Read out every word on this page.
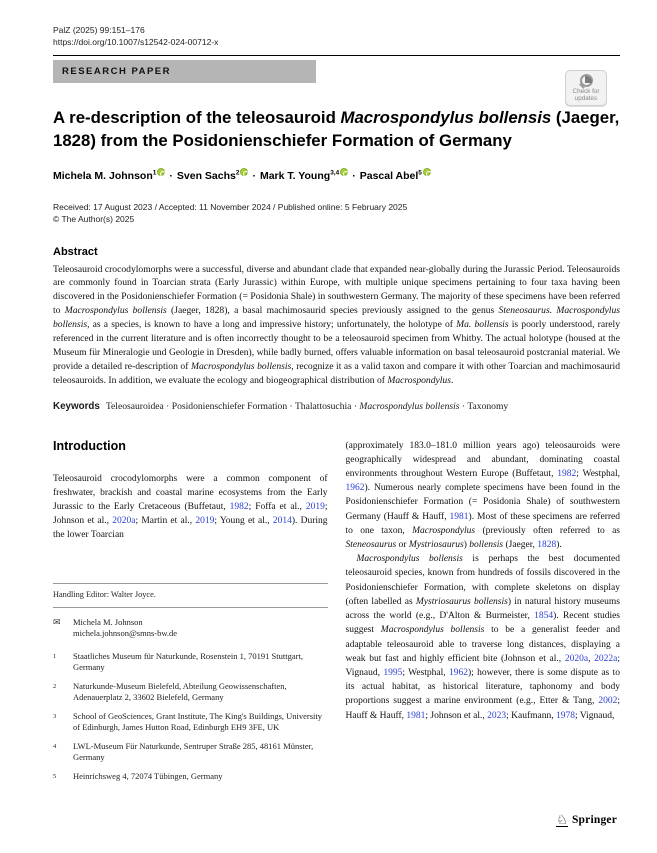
PalZ (2025) 99:151–176
https://doi.org/10.1007/s12542-024-00712-x
RESEARCH PAPER
Check for
updates
A re-description of the teleosauroid Macrospondylus bollensis (Jaeger, 1828) from the Posidonienschiefer Formation of Germany
Michela M. Johnson$^1$ · Sven Sachs$^2$ · Mark T. Young$^{3,4}$ · Pascal Abel$^5$
Received: 17 August 2023 / Accepted: 11 November 2024 / Published online: 5 February 2025
© The Author(s) 2025
Abstract

Teleosauroid crocodylomorphs were a successful, diverse and abundant clade that expanded near-globally during the Jurassic Period. Teleosauroids are commonly found in Toarcian strata (Early Jurassic) within Europe, with multiple unique specimens pertaining to four taxa having been discovered in the Posidonienschiefer Formation (= Posidonia Shale) in southwestern Germany. The majority of these specimens have been referred to Macrospondylus bollensis (Jaeger, 1828), a basal machimosaurid species previously assigned to the genus Steneosaurus. Macrospondylus bollensis, as a species, is known to have a long and impressive history; unfortunately, the holotype of Ma. bollensis is poorly understood, rarely referenced in the current literature and is often incorrectly thought to be a teleosauroid specimen from Whitby. The actual holotype (housed at the Museum für Mineralogie und Geologie in Dresden), while badly burned, offers valuable information on basal teleosauroid postcranial material. We provide a detailed re-description of Macrospondylus bollensis, recognize it as a valid taxon and compare it with other Toarcian and machimosaurid teleosauroids. In addition, we evaluate the ecology and biogeographical distribution of Macrospondylus.

Keywords Teleosauroidea · Posidonienschiefer Formation · Thalattosuchia · Macrospondylus bollensis · Taxonomy

Introduction

Teleosauroid crocodylomorphs were a common component of freshwater, brackish and coastal marine ecosystems from the Early Jurassic to the Early Cretaceous (Buffetaut, 1982; Foffa et al., 2019; Johnson et al., 2020a; Martin et al., 2019; Young et al., 2014). During the lower Toarcian

Handling Editor: Walter Joyce.
✉	Michela M. Johnson
michela.johnson@smns-bw.de
1	Staatliches Museum für Naturkunde, Rosenstein 1, 70191 Stuttgart, Germany
2	Naturkunde-Museum Bielefeld, Abteilung Geowissenschaften, Adenauerplatz 2, 33602 Bielefeld, Germany
3	School of GeoSciences, Grant Institute, The King's Buildings, University of Edinburgh, James Hutton Road, Edinburgh EH9 3FE, UK
4	LWL-Museum Für Naturkunde, Sentruper Straße 285, 48161 Münster, Germany
5	Heinrichsweg 4, 72074 Tübingen, Germany

(approximately 183.0–181.0 million years ago) teleosauroids were geographically widespread and abundant, dominating coastal environments throughout Western Europe (Buffetaut, 1982; Westphal, 1962). Numerous nearly complete specimens have been found in the Posidonienschiefer Formation (= Posidonia Shale) of southwestern Germany (Hauff & Hauff, 1981). Most of these specimens are referred to one taxon, Macrospondylus (previously often referred to as Steneosaurus or Mystriosaurus) bollensis (Jaeger, 1828).

Macrospondylus bollensis is perhaps the best documented teleosauroid species, known from hundreds of fossils discovered in the Posidonienschiefer Formation, with complete skeletons on display (often labelled as Mystriosaurus bollensis) in natural history museums across the world (e.g., D'Alton & Burmeister, 1854). Recent studies suggest Macrospondylus bollensis to be a generalist feeder and adaptable teleosauroid able to traverse long distances, displaying a weak but fast and highly efficient bite (Johnson et al., 2020a, 2022a; Vignaud, 1995; Westphal, 1962); however, there is some dispute as to its actual habitat, as historical literature, taphonomy and body proportions suggest a marine environment (e.g., Etter & Tang, 2002; Hauff & Hauff, 1981; Johnson et al., 2023; Kaufmann, 1978; Vignaud,

♘ Springer
